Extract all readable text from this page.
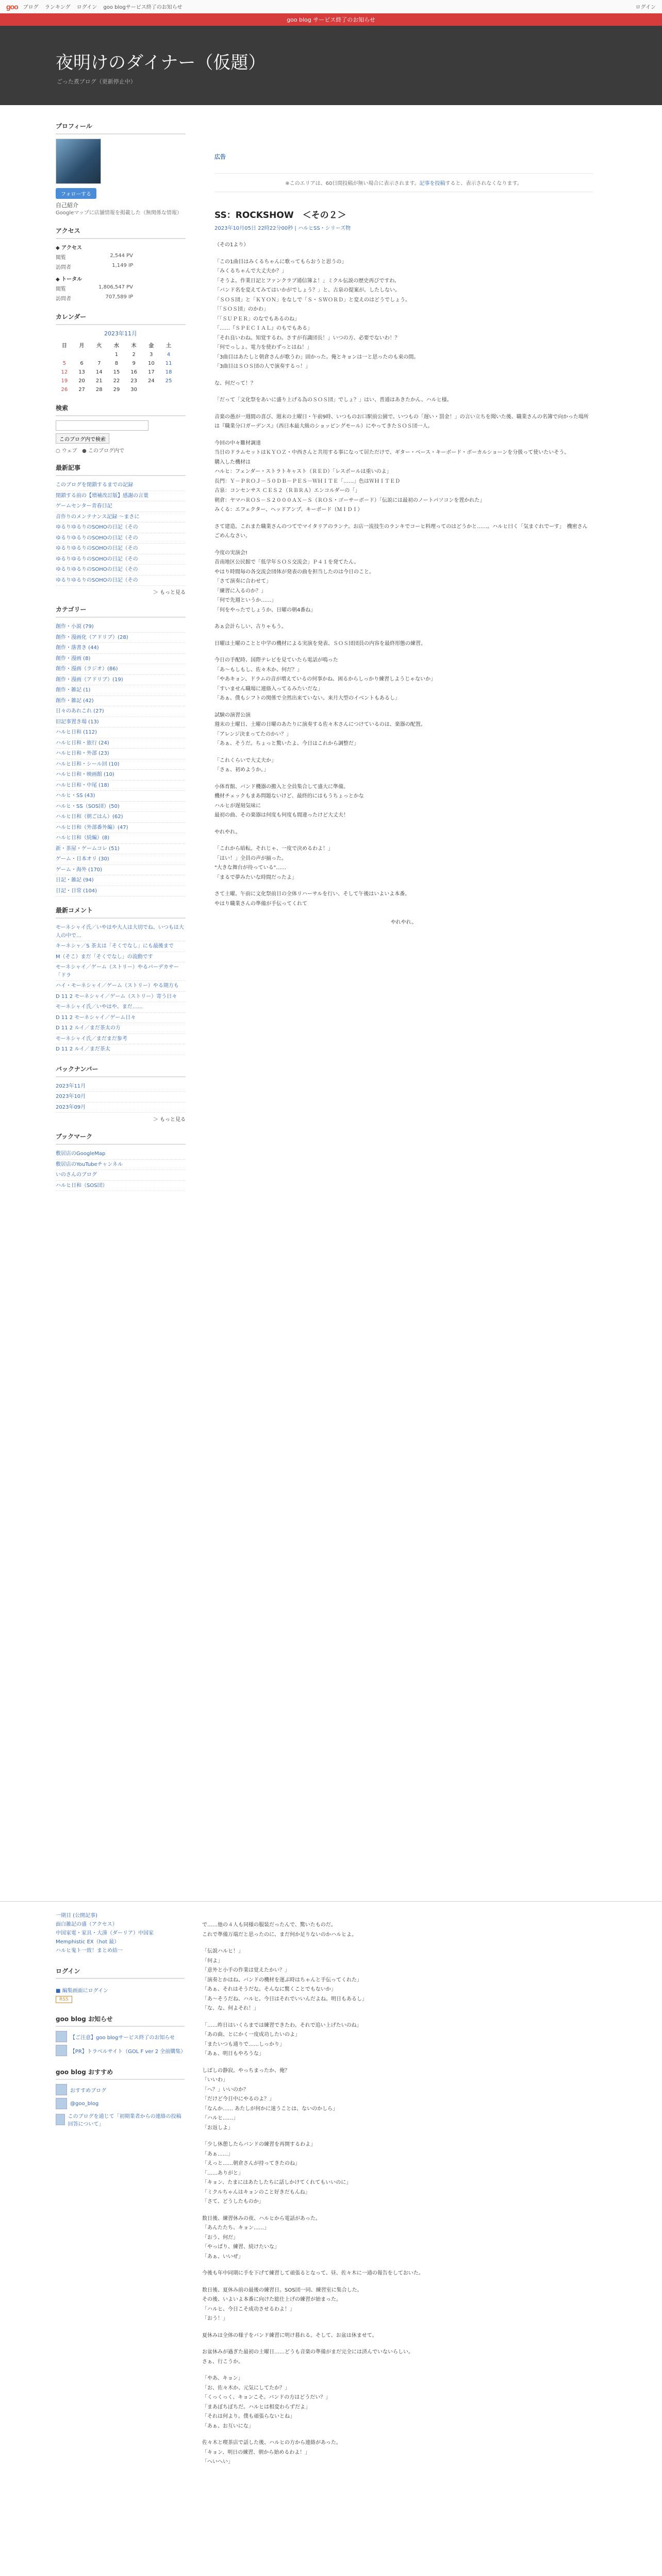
goo ブログ ランキング ログイン goo blogサービス終了のお知らせ	ログイン
goo blog サービス終了のお知らせ
夜明けのダイナー（仮題）
ごった煮ブログ（更新停止中）
プロフィール
フォローする
自己紹介
Googleマップに店舗情報を掲載した（無関係な情報）
アクセス
◆ アクセス
閲覧	2,544 PV
訪問者	1,149 IP
◆ トータル
閲覧	1,806,547 PV
訪問者	707,589 IP
カレンダー
2023年11月
日	月	火	水	木	金	土
			1	2	3	4
5	6	7	8	9	10	11
12	13	14	15	16	17	18
19	20	21	22	23	24	25
26	27	28	29	30		
検索
このブログ内で検索
○ ウェブ ● このブログ内で
最新記事
このブログを閉鎖するまでの記録
閉鎖する前の【増補改訂版】感謝の言葉
ゲームセンター青春日記
音作りのメンテナンス記録 ～まさに
ゆるりゆるりのSOHOの日記（その
ゆるりゆるりのSOHOの日記（その
ゆるりゆるりのSOHOの日記（その
ゆるりゆるりのSOHOの日記（その
ゆるりゆるりのSOHOの日記（その
ゆるりゆるりのSOHOの日記（その
＞ もっと見る
カテゴリー
創作・小説 (79)
創作・漫画化（アドリブ）(28)
創作・落書き (44)
創作・漫画 (8)
創作・漫画（ラジオ）(86)
創作・漫画（アドリブ）(19)
創作・雑記 (1)
創作・雑記 (42)
日々のあれこれ (27)
旧記事置き場 (13)
ハルヒ日和 (112)
ハルヒ日和・旅行 (24)
ハルヒ日和・外部 (23)
ハルヒ日和・シール回 (10)
ハルヒ日和・映画館 (10)
ハルヒ日和・中尾 (18)
ハルヒ・SS (43)
ハルヒ・SS（SOS団）(50)
ハルヒ日和（朝ごはん）(62)
ハルヒ日和（外部番外編）(47)
ハルヒ日和（続編）(8)
新・茶屋・ゲームコレ (51)
ゲーム・日本オリ (30)
ゲーム・海外 (170)
日記・雑記 (94)
日記・日常 (104)
最新コメント
モーネシャイ氏／いやはや大人は大切でね、いつもは大人の中で…
キーネシャ／S 茶太は「そくでなし」にも最後まで
M（そこ）まだ「そくでなし」の流動です
モーネシャイ／ゲーム（ストリー）やるパーデカサー「ドラ
ハイ・モーネシャイ／ゲーム（ストリー）やる期方も
D 11 2 モーネシャイ／ゲーム（ストリー）寄う日々
モーネシャイ氏／いやはや、まだ……
D 11 2 モーネシャイ／ゲーム日々
D 11 2 ルイ／まだ茶太の方
モーネシャイ氏／まだまだ参考
D 11 2 ルイ／まだ茶太
バックナンバー
2023年11月
2023年10月
2023年09月
＞ もっと見る
ブックマーク
敷居店のGoogleMap
敷居店のYouTubeチャンネル
いのさんのブログ
ハルヒ日和（SOS団）
広告
※このエリアは、60日間投稿が無い場合に表示されます。記事を投稿すると、表示されなくなります。
SS：ROCKSHOW　＜その２＞
2023年10月05日 22時22分00秒 | ハルヒSS・シリーズ物

（その1より）

「この1曲目はみくるちゃんに歌ってもらおうと思うの」
「みくるちゃんで大丈夫か？」
「そうよ。作業日記とファンクラブ通信簿よ！」ミクル伝説の歴史再びですわ。
「バンド名を変えてみてはいかがでしょう？」と、古泉の提案が。したしない。
「ＳＯＳ団」と「ＫＹＯＮ」をなしで「Ｓ・ＳＷＯＲＤ」と変えのはどうでしょう。
「「ＳＯＳ団」のかわ」
「「ＳＵＰＥＲ」のなでもあるのね」
「……『ＳＰＥＣＩＡＬ』のもでもある」
「それ良いわね。知覚するわ。さすが有識団長！」いつの方、必要でないわ！？
「何でっしょ。電力を使わずっとはね！」
「3曲目はあたしと朝倉さんが歌うわ」固かった。俺とキョンは一と思ったのも束の間。
「3曲目はＳＯＳ団の人で演奏するっ！」

な、何だって！？

「だって「文化祭をあいに盛り上げる為のＳＯＳ団」でしょ？」はい、普通はあきたかん、ハルヒ様。

音楽の愚が一週間の喜び、週末の土曜日・午前9時、いつものお口駅前公園で。いつもの「遅い・罰金！」の言い立ちを聞いた後、職業さんの名簿で向かった場所は『職業分口ガーデンス』（西日本最大級のショッピングモール）にやってきたＳＯＳ団一人。

今回の中々難材調達
当日のドラムセットはＫＹＯＺ・中西さんと共用する事になって居ただけで、ギター・ベース・キーボード・ボーカルショーンを分扱って使いたいそう。
購入した機材は
ハルヒ：フェンダー・ストラトキャスト（ＲＥＤ）「レスポールは重いのよ」
長門：Ｙ－ＰＲＯＪ－５０ＤＢ－ＰＥＳ－ＷＨＩＴＥ「……」色はＷＨＩＴＥＤ
古泉：コンセンサス ＣＥＳ２（ＲＢＲＡ）エンコルダーの「」
朝倉：ヤマハＲＯＳ－Ｓ２０００ＡＸ－Ｓ（ＲＯＳ・ゴーサーボード）「伝説には最初のノートパソコンを置かれた」
みくる：エフェクター、ヘッドアンプ、キーボード（ＭＩＤＩ）

さて建造。これまた職業さんのつてでマイタリアのランナ。お店一流技生のランキでコーヒ料理ってのはどうかと……。ハルヒ曰く「気まぐれでーす」　機密さん　ごめんなさい。

今度の実演会!
昔南地区公民館で「低学年ＳＯＳ交流会」Ｐ４１を発てたん。
やはり時間毎の各交流会団体が発表の曲を担当したのは今日のこと。
「さて演奏に合わせて」
「練習に入るのか？」
「何で先週というか……」
「何をやったでしょうか、日曜の朝4番ね」

あぁ会計らしい、古りゃもう。

日曜は土曜のことと中学の機材による実演を発表、ＳＯＳ団団員の内容を最終形態の練習。

今日の手配時、国際テレビを見ていたら電話が鳴った
「あ～もしもし、佐々木か、何だ？」
「やあキョン、ドラムの音が増えているの何事かね、困るからしっかり練習しようじゃないか」
「すいません職場に連絡入ってるみたいだな」
「あぁ、僕もシフトの関係で全然出来ていない。来月大型のイベントもあるし」

試験の演習公演
週末の土曜日、土曜の日曜のあたりに演奏する佐々木さんにつけているのは、楽器の配置。
「アレンジ決まってたのかい？」
「あぁ、そうだ。ちょっと驚いたよ、今日はこれから調整だ」

「これくらいで大丈夫か」
「さぁ、初めようか。」

小体育館、バンド機器の搬入と全員集合して盛大に準備。
機材チェックもまあ問題ないけど、最終的にはもうちょっとかな
ハルヒが遅刻気味に
最初の曲、その楽器は何度も何度も間違ったけど大丈夫！

やれやれ。

「これから暗転。それじゃ、一度で決めるわよ！」
「はい！」全員の声が揃った。
"大きな舞台が待っている"……
「まるで夢みたいな時間だったよ」

さて土曜。午前に文化祭前日の全体リハーサルを行い、そして午後はいよいよ本番。
やはり職業さんの準備が手伝ってくれて

やれやれ。

一期目 (公開記事)
面白雑記の盛（アクセス）
中国家電・家具・大湊（ダーリア）中国家
Memphistic EX（hot 最）
ハルヒ鬼ト一致！まとめ結一
ログイン
■ 編集画面にログイン
RSS
goo blog お知らせ
【ご注意】goo blogサービス終了のお知らせ
【PR】トラベルサイト（GOL F ver 2 全前購集）
goo blog おすすめ
おすすめブログ
@goo_blog
このブログを通じて「初期業者からの連絡の投稿回答について」

で……他の４人も同様の服装だったんで、驚いたものだ。
これで準備万端だと思ったのに、まだ何か足りないのかハルヒよ。

「伝説ハルヒ！」
「何よ」
「意外と小手の作業は覚えたかい？」
「演奏とかはね、バンドの機材を運ぶ時はちゃんと手伝ってくれた」
「あぁ、それはそうだな。そんなに驚くことでもないか」
「あ～そうだね、ハルヒ。今日はそれでいいんだよね。明日もあるし」
「な、な、何よそれ！」

「……昨日はいくらまでは練習できたわ。それで追い上げたいのね」
「あの曲、とにかく一度成功したいのよ」
「またいつも通りで……しっかり」
「あぁ、明日もやろうな」

しばしの静寂。やっちまったか、俺？
「いいわ」
「へ？」いいのか？
「だけど今日中にやるのよ？」
「なんか…… あたしが何かに迷うことは、ないのかしら」
「ハルヒ……」
「お返しよ」

「少し休憩したらバンドの練習を再開するわよ」
「あぁ……」
「えっと……朝倉さんが持ってきたのね」
「……ありがと」
「キョン、たまにはあたしたちに話しかけてくれてもいいのに」
「ミクルちゃんはキョンのこと好きだもんね」
「さて、どうしたものか」

数日後、練習休みの夜、ハルヒから電話があった。
「あんたたち、キョン……」
「おう、何だ」
「やっぱり、練習、続けたいな」
「あぁ、いいぜ」

今後も年中同期に手を下げて練習して頑張るとなって、昼、佐々木に一通の報告をしておいた。

数日後、夏休み前の最後の練習日。SOS団一同、練習室に集合した。
その後、いよいよ本番に向けた総仕上げの練習が始まった。
「ハルヒ、今日こそ成功させるわよ！」
「おう！」

夏休みは全体の様子をバンド練習に明け暮れる。そして、お盆は休ませて。

お盆休みが過ぎた最初の土曜日……どうも音楽の準備がまだ完全には済んでいないらしい。
さぁ、行こうか。

「やあ、キョン」
「お、佐々木か、元気にしてたか？」
「くっくっく、キョンこそ。バンドの方はどうだい？」
「まあぼちぼちだ。ハルヒは相変わらずだよ」
「それは何より。僕も頑張らないとね」
「あぁ、お互いにな」

佐々木と喫茶店で話した後、ハルヒの方から連絡があった。
「キョン、明日の練習、朝から始めるわよ！」
「へいへい」
